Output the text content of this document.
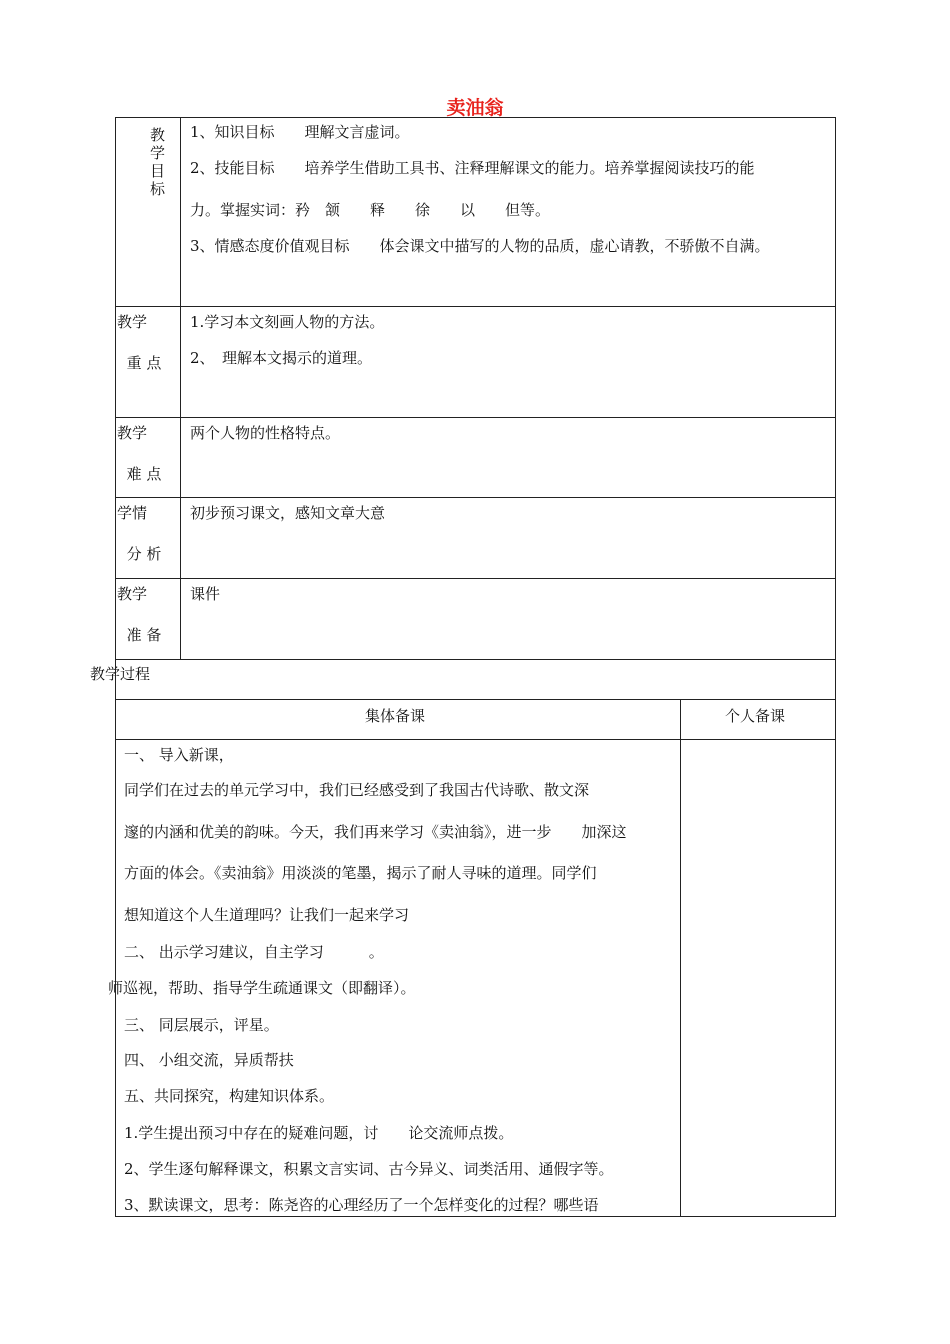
卖油翁
教学目标
1、知识目标　　理解文言虚词。
2、技能目标　　培养学生借助工具书、注释理解课文的能力。培养掌握阅读技巧的能
力。掌握实词：矜　颔　　释　　徐　　以　　但等。
3、情感态度价值观目标　　体会课文中描写的人物的品质，虚心请教，不骄傲不自满。
教学
重 点
1.学习本文刻画人物的方法。
2、　理解本文揭示的道理。
教学
难 点
两个人物的性格特点。
学情
分 析
初步预习课文，感知文章大意
教学
准 备
课件
教学过程
集体备课	个人备课
一、 导入新课，
同学们在过去的单元学习中，我们已经感受到了我国古代诗歌、散文深
邃的内涵和优美的韵味。今天，我们再来学习《卖油翁》，进一步　　加深这
方面的体会。《卖油翁》用淡淡的笔墨，揭示了耐人寻味的道理。同学们
想知道这个人生道理吗？让我们一起来学习
二、 出示学习建议，自主学习　　　。
师巡视，帮助、指导学生疏通课文（即翻译）。
三、 同层展示，评星。
四、 小组交流，异质帮扶
五、共同探究，构建知识体系。
1.学生提出预习中存在的疑难问题，讨　　论交流师点拨。
2、学生逐句解释课文，积累文言实词、古今异义、词类活用、通假字等。
3、默读课文，思考：陈尧咨的心理经历了一个怎样变化的过程？哪些语
